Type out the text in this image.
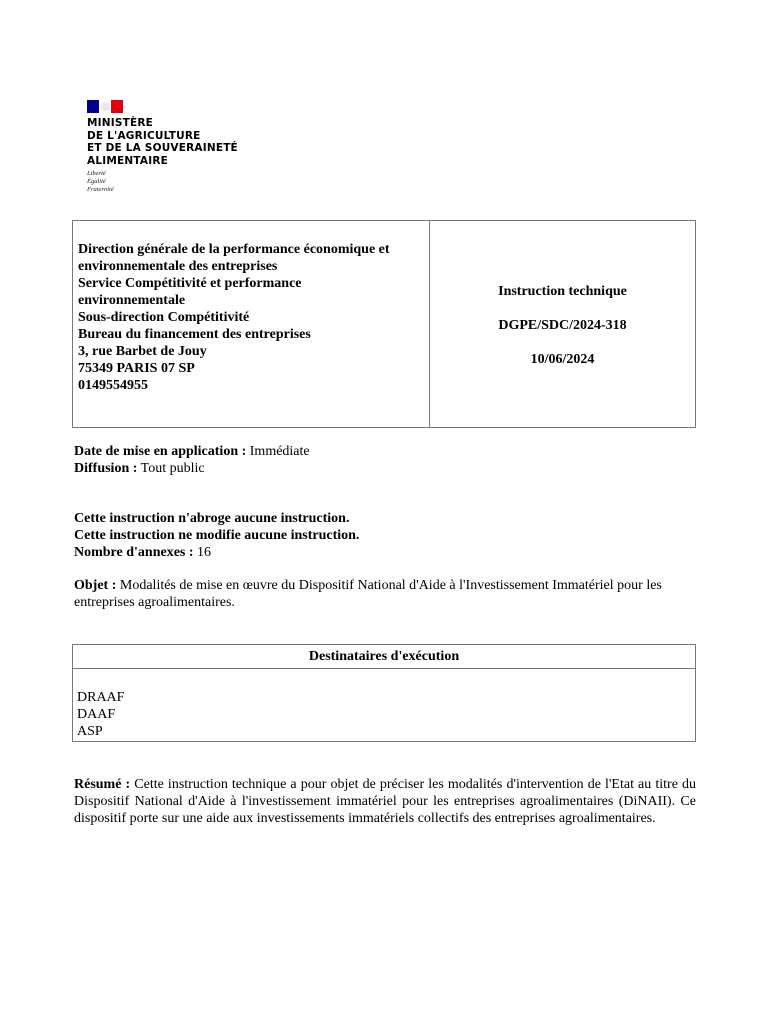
MINISTÈRE
DE L'AGRICULTURE
ET DE LA SOUVERAINETÉ
ALIMENTAIRE
Liberté
Égalité
Fraternité
Direction générale de la performance économique et
environnementale des entreprises
Service Compétitivité et performance
environnementale
Sous-direction Compétitivité
Bureau du financement des entreprises
3, rue Barbet de Jouy
75349 PARIS 07 SP
0149554955
Instruction technique
DGPE/SDC/2024-318
10/06/2024
Date de mise en application : Immédiate
Diffusion : Tout public
Cette instruction n'abroge aucune instruction.
Cette instruction ne modifie aucune instruction.
Nombre d'annexes : 16
Objet : Modalités de mise en œuvre du Dispositif National d'Aide à l'Investissement Immatériel pour les entreprises agroalimentaires.
Destinataires d'exécution
DRAAF
DAAF
ASP
Résumé : Cette instruction technique a pour objet de préciser les modalités d'intervention de l'Etat au titre du Dispositif National d'Aide à l'investissement immatériel pour les entreprises agroalimentaires (DiNAII). Ce dispositif porte sur une aide aux investissements immatériels collectifs des entreprises agroalimentaires.
